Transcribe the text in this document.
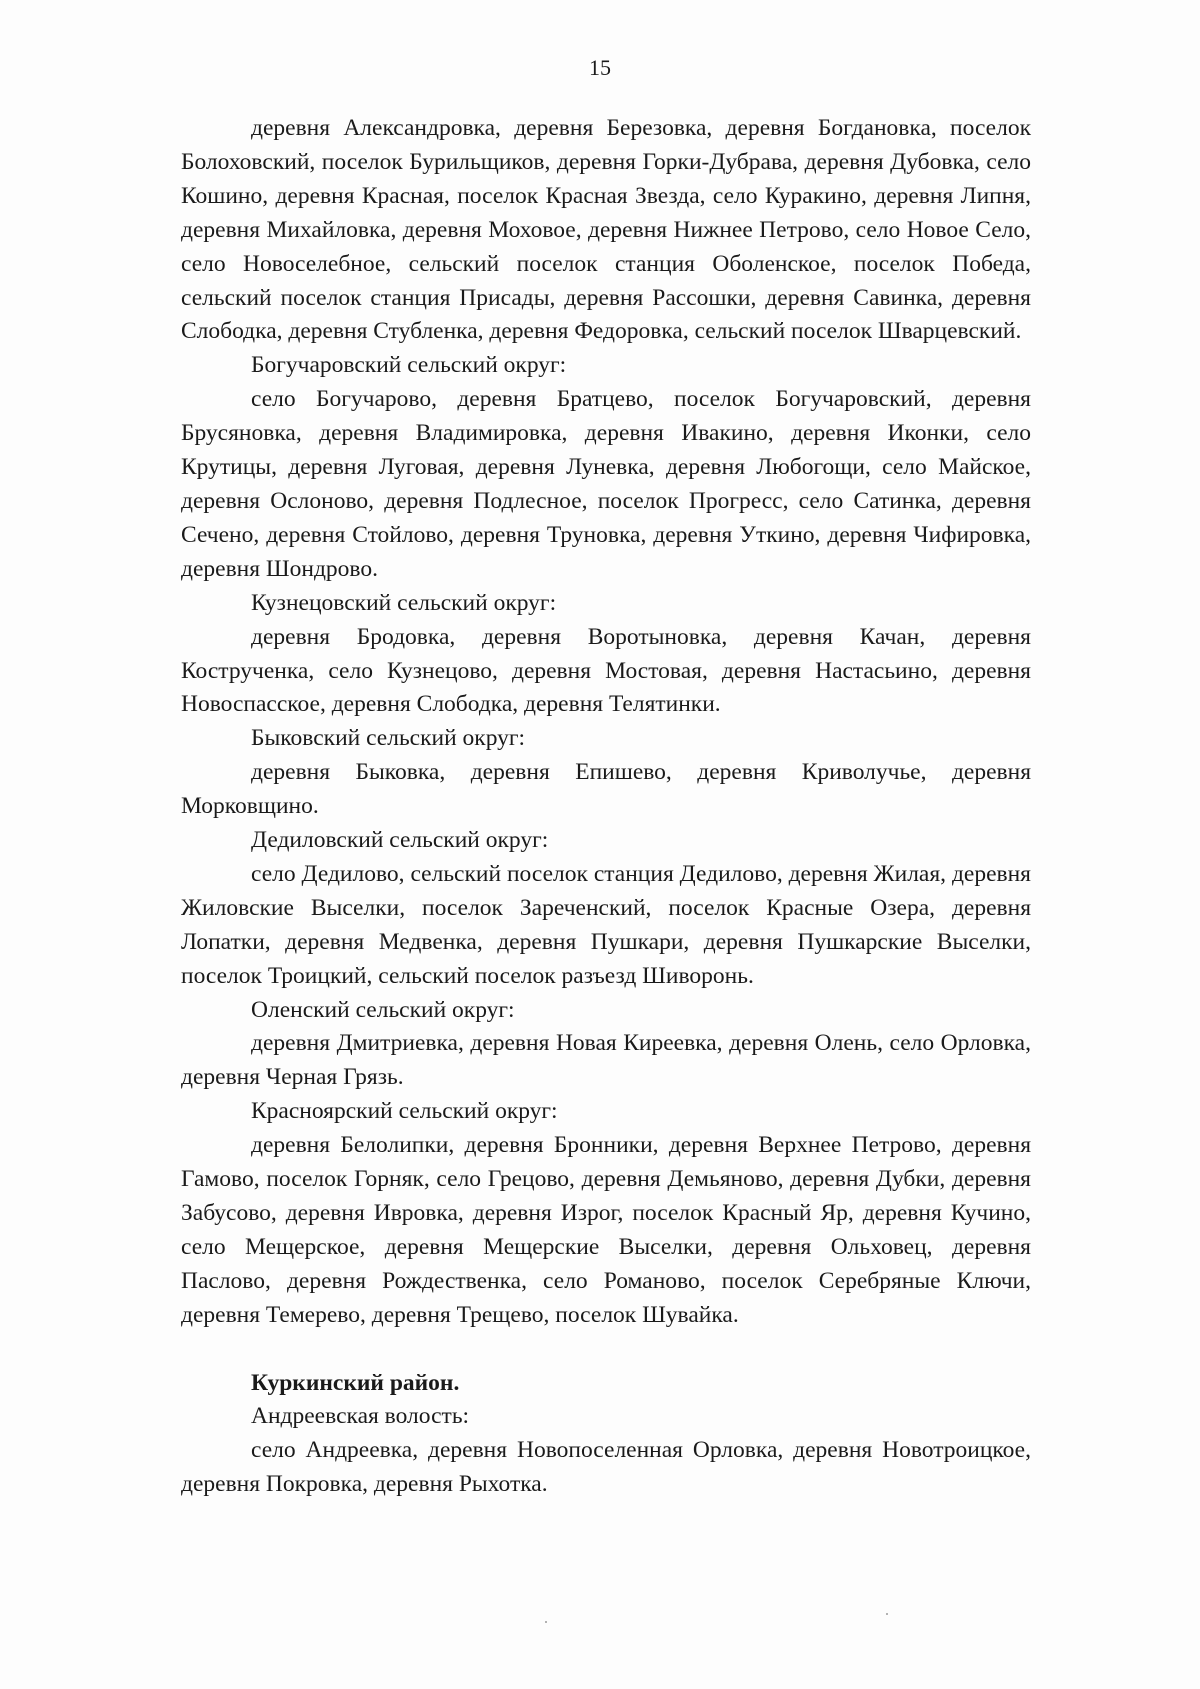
15

деревня Александровка, деревня Березовка, деревня Богдановка, поселок Болоховский, поселок Бурильщиков, деревня Горки-Дубрава, деревня Дубовка, село Кошино, деревня Красная, поселок Красная Звезда, село Куракино, деревня Липня, деревня Михайловка, деревня Моховое, деревня Нижнее Петрово, село Новое Село, село Новоселебное, сельский поселок станция Оболенское, поселок Победа, сельский поселок станция Присады, деревня Рассошки, деревня Савинка, деревня Слободка, деревня Стубленка, деревня Федоровка, сельский поселок Шварцевский.

Богучаровский сельский округ:

село Богучарово, деревня Братцево, поселок Богучаровский, деревня Брусяновка, деревня Владимировка, деревня Ивакино, деревня Иконки, село Крутицы, деревня Луговая, деревня Луневка, деревня Любогощи, село Майское, деревня Ослоново, деревня Подлесное, поселок Прогресс, село Сатинка, деревня Сечено, деревня Стойлово, деревня Труновка, деревня Уткино, деревня Чифировка, деревня Шондрово.

Кузнецовский сельский округ:

деревня Бродовка, деревня Воротыновка, деревня Качан, деревня Кострученка, село Кузнецово, деревня Мостовая, деревня Настасьино, деревня Новоспасское, деревня Слободка, деревня Телятинки.

Быковский сельский округ:

деревня Быковка, деревня Епишево, деревня Криволучье, деревня Морковщино.

Дедиловский сельский округ:

село Дедилово, сельский поселок станция Дедилово, деревня Жилая, деревня Жиловские Выселки, поселок Зареченский, поселок Красные Озера, деревня Лопатки, деревня Медвенка, деревня Пушкари, деревня Пушкарские Выселки, поселок Троицкий, сельский поселок разъезд Шиворонь.

Оленский сельский округ:

деревня Дмитриевка, деревня Новая Киреевка, деревня Олень, село Орловка, деревня Черная Грязь.

Красноярский сельский округ:

деревня Белолипки, деревня Бронники, деревня Верхнее Петрово, деревня Гамово, поселок Горняк, село Грецово, деревня Демьяново, деревня Дубки, деревня Забусово, деревня Ивровка, деревня Изрог, поселок Красный Яр, деревня Кучино, село Мещерское, деревня Мещерские Выселки, деревня Ольховец, деревня Паслово, деревня Рождественка, село Романово, поселок Серебряные Ключи, деревня Темерево, деревня Трещево, поселок Шувайка.

Куркинский район.

Андреевская волость:

село Андреевка, деревня Новопоселенная Орловка, деревня Новотроицкое, деревня Покровка, деревня Рыхотка.
